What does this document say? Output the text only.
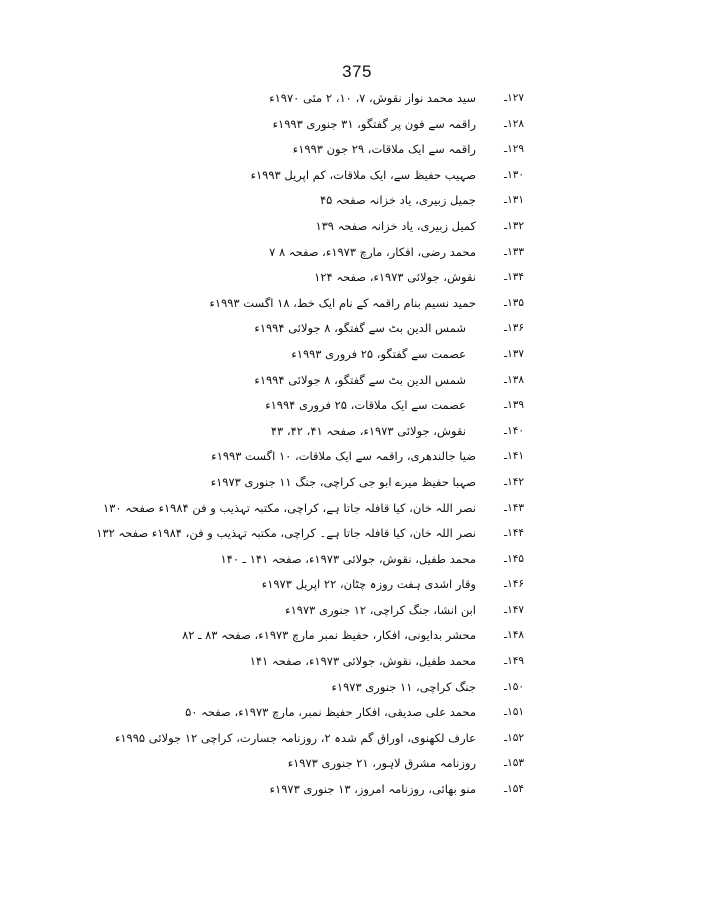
375
۱۲۷ـ
سید محمد نواز نقوش، ۷، ۱۰، ۲ مئی ۱۹۷۰ء
۱۲۸ـ
راقمہ سے فون پر گفتگو، ۳۱ جنوری ۱۹۹۳ء
۱۲۹ـ
راقمہ سے ایک ملاقات، ۲۹ جون ۱۹۹۳ء
۱۳۰ـ
صہیب حفیظ سے، ایک ملاقات، کم اپریل ۱۹۹۳ء
۱۳۱ـ
جمیل زبیری، یاد خزانہ صفحہ ۴۵
۱۳۲ـ
کمیل زبیری، یاد خزانہ صفحہ ۱۳۹
۱۳۳ـ
محمد رضی، افکار، مارچ ۱۹۷۳ء، صفحہ ۸ ۷
۱۳۴ـ
نقوش، جولائی ۱۹۷۳ء، صفحہ ۱۲۴
۱۳۵ـ
حمید نسیم بنام راقمہ کے نام ایک خط، ۱۸ اگست ۱۹۹۳ء
۱۳۶ـ
شمس الدین بٹ سے گفتگو، ۸ جولائی ۱۹۹۴ء
۱۳۷ـ
عصمت سے گفتگو، ۲۵ فروری ۱۹۹۳ء
۱۳۸ـ
شمس الدین بٹ سے گفتگو، ۸ جولائی ۱۹۹۴ء
۱۳۹ـ
عصمت سے ایک ملاقات، ۲۵ فروری ۱۹۹۴ء
۱۴۰ـ
نقوش، جولائی ۱۹۷۳ء، صفحہ ۴۱، ۴۲، ۴۳
۱۴۱ـ
ضیا جالندھری، راقمہ سے ایک ملاقات، ۱۰ اگست ۱۹۹۳ء
۱۴۲ـ
صہبا حفیظ میرے ابو جی کراچی، جنگ ۱۱ جنوری ۱۹۷۳ء
۱۴۳ـ
نصر اللہ خان، کیا قافلہ جاتا ہے، کراچی، مکتبہ تہذیب و فن ۱۹۸۴ء صفحہ ۱۳۰
۱۴۴ـ
نصر اللہ خان، کیا قافلہ جاتا ہے۔ کراچی، مکتبہ تہذیب و فن، ۱۹۸۴ء صفحہ ۱۳۲
۱۴۵ـ
محمد طفیل، نقوش، جولائی ۱۹۷۳ء، صفحہ ۱۴۱ ـ ۱۴۰
۱۴۶ـ
وقار اشدی ہفت روزہ چٹان، ۲۲ اپریل ۱۹۷۳ء
۱۴۷ـ
ابن انشا، جنگ کراچی، ۱۲ جنوری ۱۹۷۳ء
۱۴۸ـ
محشر بدایونی، افکار، حفیظ نمبر مارچ ۱۹۷۳ء، صفحہ ۸۳ ـ ۸۲
۱۴۹ـ
محمد طفیل، نقوش، جولائی ۱۹۷۳ء، صفحہ ۱۴۱
۱۵۰ـ
جنگ کراچی، ۱۱ جنوری ۱۹۷۳ء
۱۵۱ـ
محمد علی صدیقی، افکار حفیظ نمبر، مارچ ۱۹۷۳ء، صفحہ ۵۰
۱۵۲ـ
عارف لکھنوی، اوراق گم شدہ ۲، روزنامہ جسارت، کراچی ۱۲ جولائی ۱۹۹۵ء
۱۵۳ـ
روزنامہ مشرق لاہور، ۲۱ جنوری ۱۹۷۳ء
۱۵۴ـ
منو بھائی، روزنامہ امروز، ۱۳ جنوری ۱۹۷۳ء
